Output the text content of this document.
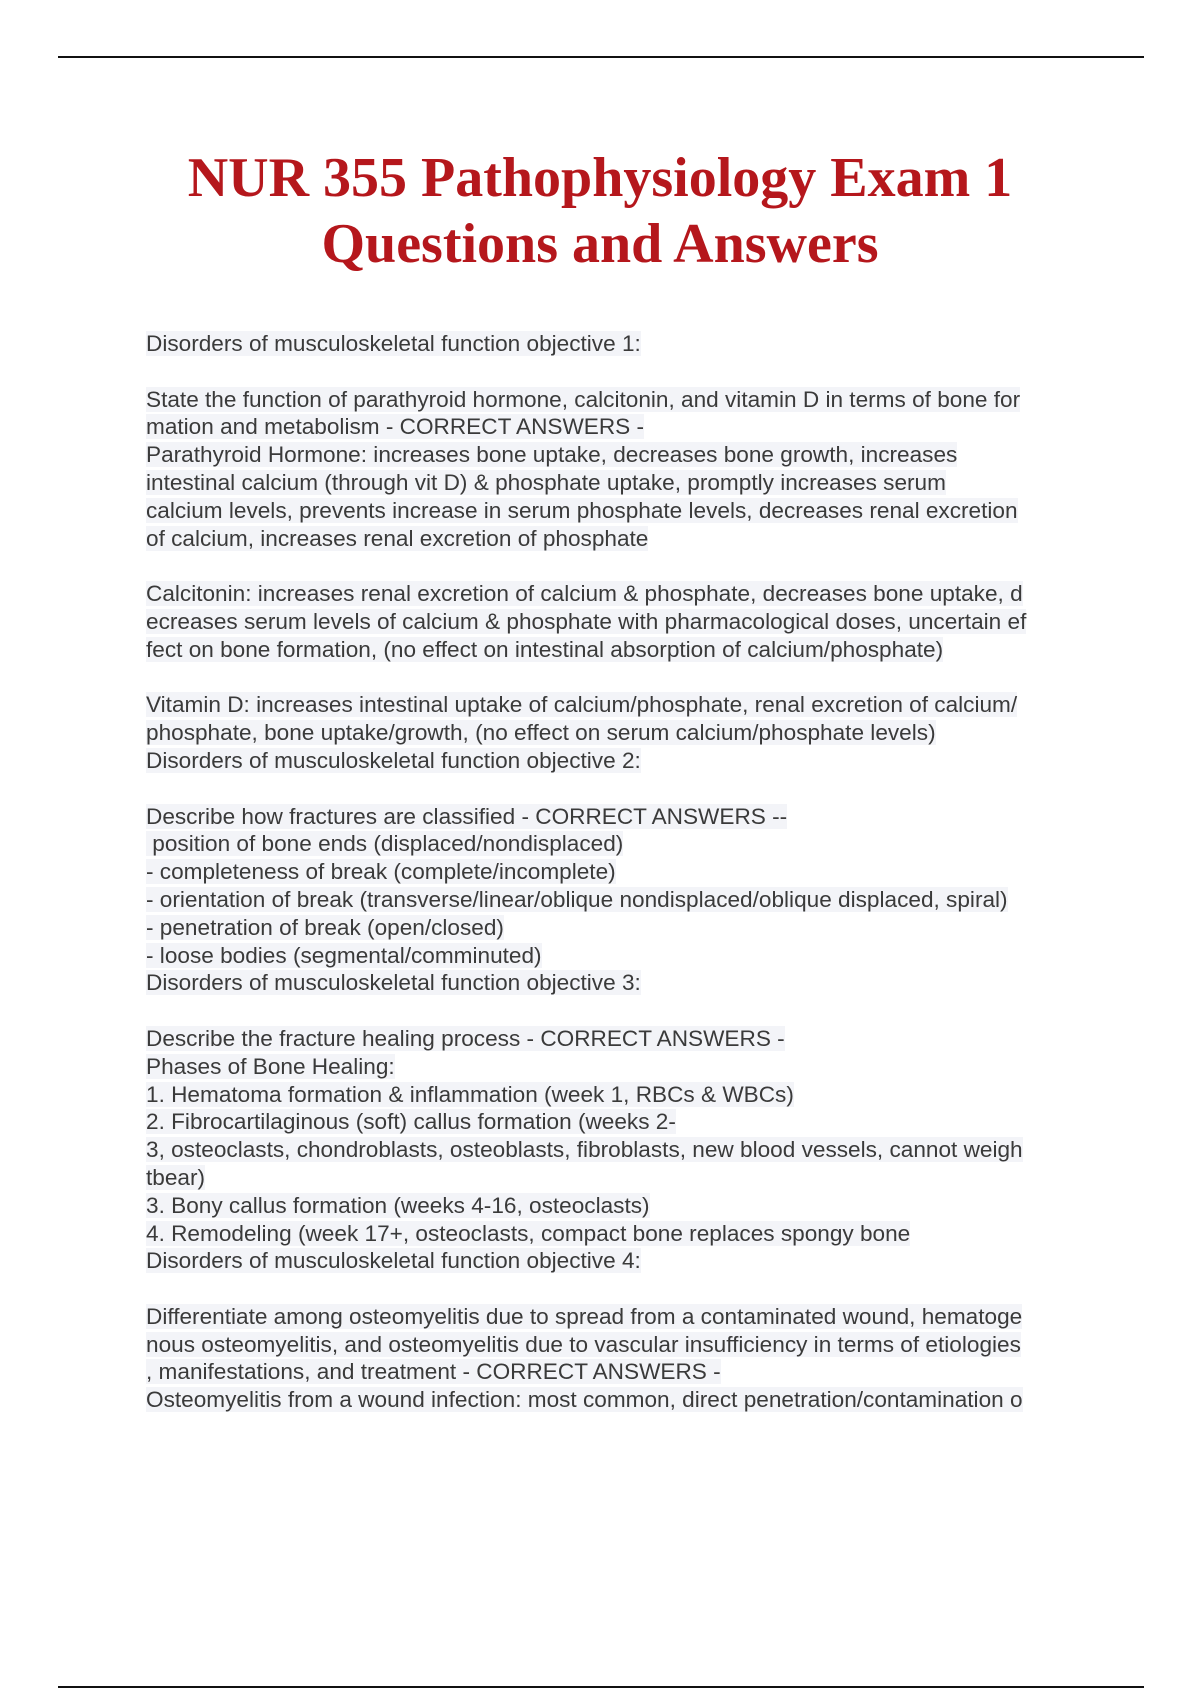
NUR 355 Pathophysiology Exam 1
Questions and Answers
Disorders of musculoskeletal function objective 1:
State the function of parathyroid hormone, calcitonin, and vitamin D in terms of bone for
mation and metabolism - CORRECT ANSWERS -
Parathyroid Hormone: increases bone uptake, decreases bone growth, increases
intestinal calcium (through vit D) & phosphate uptake, promptly increases serum
calcium levels, prevents increase in serum phosphate levels, decreases renal excretion
of calcium, increases renal excretion of phosphate
Calcitonin: increases renal excretion of calcium & phosphate, decreases bone uptake, d
ecreases serum levels of calcium & phosphate with pharmacological doses, uncertain ef
fect on bone formation, (no effect on intestinal absorption of calcium/phosphate)
Vitamin D: increases intestinal uptake of calcium/phosphate, renal excretion of calcium/
phosphate, bone uptake/growth, (no effect on serum calcium/phosphate levels)
Disorders of musculoskeletal function objective 2:
Describe how fractures are classified - CORRECT ANSWERS --
position of bone ends (displaced/nondisplaced)
- completeness of break (complete/incomplete)
- orientation of break (transverse/linear/oblique nondisplaced/oblique displaced, spiral)
- penetration of break (open/closed)
- loose bodies (segmental/comminuted)
Disorders of musculoskeletal function objective 3:
Describe the fracture healing process - CORRECT ANSWERS -
Phases of Bone Healing:
1. Hematoma formation & inflammation (week 1, RBCs & WBCs)
2. Fibrocartilaginous (soft) callus formation (weeks 2-
3, osteoclasts, chondroblasts, osteoblasts, fibroblasts, new blood vessels, cannot weigh
tbear)
3. Bony callus formation (weeks 4-16, osteoclasts)
4. Remodeling (week 17+, osteoclasts, compact bone replaces spongy bone
Disorders of musculoskeletal function objective 4:
Differentiate among osteomyelitis due to spread from a contaminated wound, hematoge
nous osteomyelitis, and osteomyelitis due to vascular insufficiency in terms of etiologies
, manifestations, and treatment - CORRECT ANSWERS -
Osteomyelitis from a wound infection: most common, direct penetration/contamination o
